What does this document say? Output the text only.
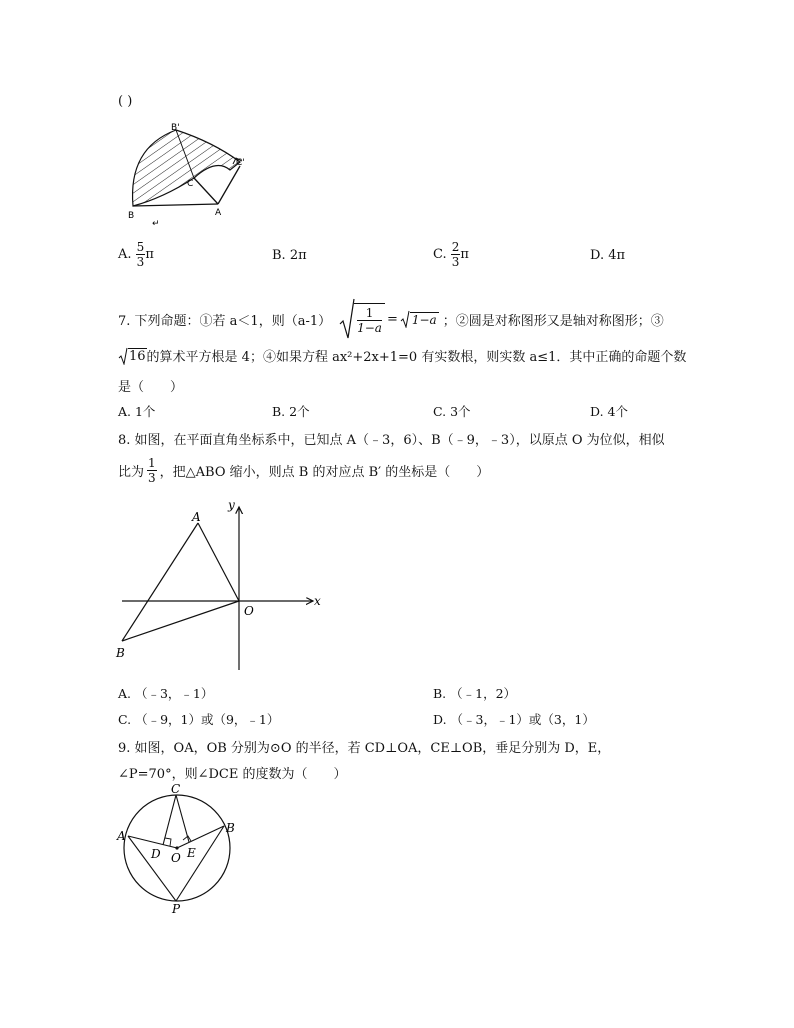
( )
B'
C'
C
B	A
↵
A. $\frac{5}{3}$ π	B. 2π	C. $\frac{2}{3}$ π	D. 4π
7. 下列命题：①若 a＜1，则$(a-1) \frac{1}{1-a} = 1-a$ ；②圆是对称图形又是轴对称图形；③
16 的算术平方根是 4；④如果方程 ax²+2x+1=0 有实数根，则实数 a≤1．其中正确的命题个数
是（　　）
A. 1个	B. 2个	C. 3个	D. 4个
8. 如图，在平面直角坐标系中，已知点 A（﹣3，6）、B（﹣9，﹣3），以原点 O 为位似，相似
比为 $\frac{1}{3}$ ，把△ABO 缩小，则点 B 的对应点 B′ 的坐标是（　　）
A
B
O
x
y
A. （﹣3，﹣1）	B. （﹣1，2）
C. （﹣9，1）或（9，﹣1）	D. （﹣3，﹣1）或（3，1）
9. 如图，OA，OB 分别为⊙O 的半径，若 CD⊥OA，CE⊥OB，垂足分别为 D，E，
∠P=70°，则∠DCE 的度数为（　　）
C
A
B
D O E
P
